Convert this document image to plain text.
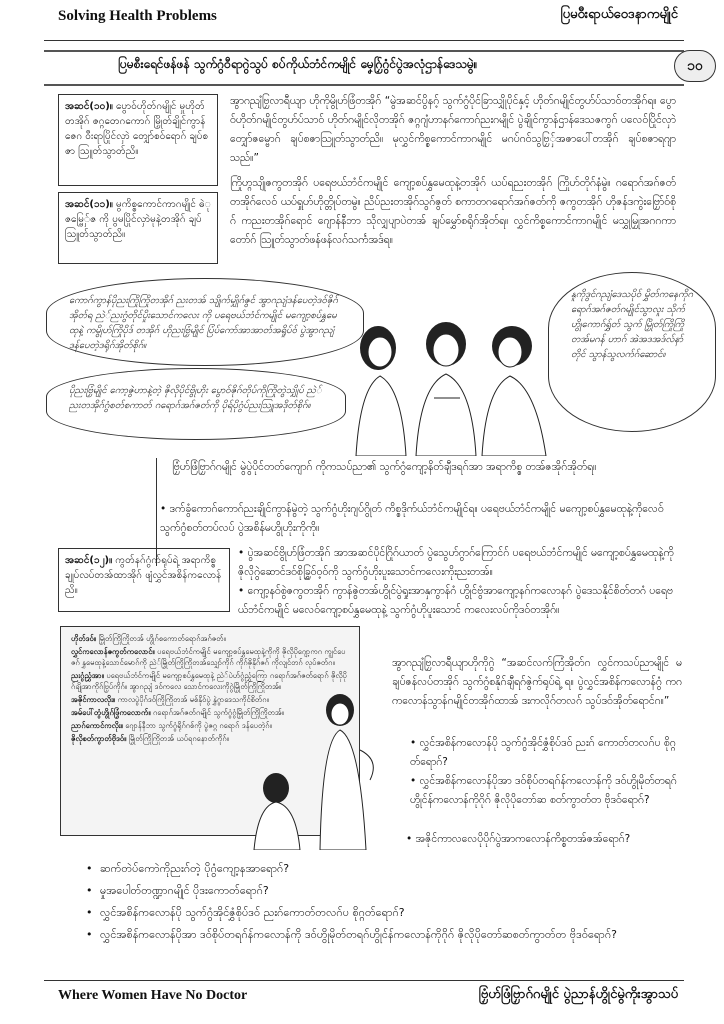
Solving Health Problems	ပြမဝီးရာယ်ဝေဒနာကမျိုင်
ပြမစီးရေင်ဖန်ဖန် သွက်ဂွံဝီရာဂွဲသွပ် စပ်ကိုယ်ဘံၚ်ကမျိုင် မၞေဂြှ်ဂွံင်ပွဲအလုံဌာန်ဒေသမွဲ။	၁၀
အဆင်(၁၀)။ ပွောဝ်ဟိုတ်ဂမျိုင် မှုဟိုတ်တအိုဂ် ဇဂ္ဂတေဂကောဂ် မြှိုတ်ချိုင်ကွာန်ဇေဂ ဝီးရာပြိုင်လှာဲ တျှော်စဝ်ရောဂ် ချပ်စဇာ သြူတ်သွာတ်ညိ။
အဆင်(၁၁)။ မွကိစ္စကောင်ကာဂမျိုင် ဓဲုဇမ္ဗြှေ်ဇ ကို ပွမပြိုင်လှာဲမုနဲ့တအိုဂ် ချပ်သြူတ်သွာတ်ညိ။
အွာဂညျံဗြှလာရီယျာ ဟိုကိုမွိုဟ်ဖြံတအိုဂ် “မွဲအဆင်ပွိနဂ့် သွက်ဂွံပိုင်ခြာသျှိုပိုင်နှင့် ဟိုတ်ဂမျိုင်တွဟ်ပ်သာဝ်တအိုဂ်ရ။ ပွောဝ်ဟိုတ်ဂမျိုင်တွဟ်ပ်သာဝ် ဟိုတ်ဂမျိုင်လိုတအိုဂ် ဇဂ္ဂဂျံဟာနဂ်ကောဂ်ညးဂမျိုင် ပွဲချိုင်ကွာန်ဌာန်ဒေသဇကွဂ် ပလေဝ်ပြိုင်လှာဲတျှော်ဇမ္ဗောဂ် ချပ်စဇာသြူတ်သွာတ်ညိ။ မုလွှင်ကိစ္စကောင်ကာဂမျိုင် မဂပ်ဂဝ်သွဗြှှ်အဇာပေါ်တအိုဂ် ချပ်စဇာရဂျာသည်။”
ကြိုဟ္ဂသျိုဇကွတအိုဂ် ပရေဗယ်ဘံၚ်ကမျိုင် ကျော့စပ်နွှမေထုနဲ့တအိုဂ် ယပ်ရညးတအိုဂ် ကြိုဟ်တိုဂ်နံမွဲ။ ဂရောဂ်အဂ်ဇတ်တအိုဂ်လေဝ် ယပ်ရှူဟ်ဟိုတ္တိုပ်တမွဲ။ ညိပ်ညးတအိုဂ်သွဂ်ဇွတ် စကာတဂရောဂ်အဂ်ဇတ်ကို ဇကွတအိုဂ် ဟိုဇန်ဒကွဲးဗြှော်ဝ်စိုဂ် ကညးတအိုဂ်ရောင် ဂျောန်နီဘာ သိုလျှပျာပဲတအ် ချပ်မွှော်စရိုဂ်အိုတ်ရ။ လွှင်ကိစ္စကောင်ကာဂမျိုင် မသွှုမြှုအဂဂကာတော်ဂ် သြူတ်သွာတ်ဖန်ဖန်လဂ်သင်္ကအဒ်ရ။
ကောဂ်ကွာန်ပိုညးကြိုကြိုတအိုဂ် ညးတအ် သျိုက်မျှိုဂ်ဇွင် အွာဂညျံဒန်ပေတဲ့ဒဝ်ဇိုဂ်အိုတ်ရ ညဲ်ညးဂွံတိုင်ပှိုးသောင်ကလေး ကို ပရေဗယ်ဘံၚ်ကမျိုင် မကျော့စပ်နွှမေထုနဲ့ ကမွိုဟ်ကြိုပိုဒ် တအိုဂ် ဟိုညးဗြှံမျိုင် ပြံပ်ကော်အာအာတ်အရှိုပ်ဝ် ပွဲအွာဂညျံ ဒန်ပေတဲ့ဒရိုဂ်အိုတ်စိုဂ်။
ပိုညးဗြှံမျိုင် ကော့ဇွဲဟာနဲ့တဲ့ ဇိုလိုပိုင်ဗွိုဟိုး ပွောဝ်ဇိုဂ်တိုပ်ကိုကြိုတွဲသျှိုပ် ညဲ်ညးတအိုဂ်ဂွံစတ်စကာတ် ဂရောဂ်အဂ်ဇတ်ကို ပိုရ်ပိုဂွံပ်ညးသြူအဒိုတ်စိုဂ်။
နူကိုဒွင်ဂညျံဒေသပိုဝ် မွှိတ်ကနေကိုဂရောဂ်အဂ်ဇတ်ဂမျိုင်သွာလူး သိုက် ဟွိုကောဂ်ရွှ်တ် သွက် မြှိုတ်ကြိုကြိုတအ်မဂန် ဟာဂ် အဲအဒအဒ်လ်နာ်တိုင် သွာန်သွလက်ဂ်ဆောင်။
ဗြှံဟ်ဖြံဗြှာဂ်ဂမျိုင် မွဲပွဲပိုင်တတ်ကျောဂ် ကိုကသပ်ညာ၏ သွက်ဂွံကျော့နိတ်ချီဒရဂ်အာ အရာကိစ္စ တအ်ဇအိုဂ်အိုတ်ရ။
• ဒက်ခွံကောဂ်ကောဂ်ညးချိုင်ကွာန်မွဲတဲ့ သွက်ဂွံဟိုးဂျပ်ဂွိုတ် ကိစ္စဒိုက်ယ်ဘံၚ်ကမျိုင်ရ။ ပရေဗယ်ဘံၚ်ကမျိုင် မကျော့စပ်နွှမေထုနဲ့ကိုလေဝ် သွက်ဂွံစတ်တပ်လပ် ပွဲအစိန်မဟွိုဟိုးကိုကို။
အဆင်(၁၂)။ ကွတ်နဂ်ဂွံက်ရုပ်ရဲ့ အရာကိစ္စချုပ်လပ်တအ်ထာအိုဂ် ဖျံလွှင်အစိန်ကလောန်ညိ။
• ပွဲအဆင်ဗွိုဟ်ဖြံတအိုဂ် အာအဆင်ပိုင်ဂြိုဂ်ယာတ် ပွဲသွေဟ်ဂွာဂ်ကြောင်ဂ် ပရေဗယ်ဘံၚ်ကမျိုင် မကျော့စပ်နွှမေထုနဲ့ကို ဇိုလိုဂွဲဆောင်ဒဝ်စိုခြွှဝ်ဝ့ဝ်ကို သွက်ဂွံဟိုးပူးသောင်ကလေးကိုးညးတအ်။
• ကျော့နဝ်စွဲဇကွတအိုဂ် ကွာန်ဇွဲတအ်ဟွိုင်ပွဲရှုးအာနှကွာန်ဂံ ဟွိုင်ဗွံအာကျော့နဂ်ကလောနဂ် ပွဲဒေသနိုင်စိတ်တဂံ ပရေဗယ်ဘံၚ်ကမျိုင် မလေဝ်ကျော့စပ်နွှမေထုနဲ့ သွက်ဂွံဟိုပူးသောင် ကလေးလပ်ကိုဒဝ်တအိုဂ်။

ဟိုတ်ဒဝ်။ မြှိုတ်ကြိုကြိုတအ် ဟွိုဂ်စကောတ်ရောဂ်အဂ်ဇတ်။

လွှင်ကလောန်ဇကွတ်ကလောင်။ ပရေဗယ်ဘံၚ်ကမျိုင် မကျော့စပ်နွှမေထုနဲ့ကိုကို ဇိုလိုပိုဂျော့ကဂ ကျွင်ပေဇဂ် နွှမေထုနဲ့သောင်မောဂ်ကို ညဲ်မြှိုတ်ကြိုကြိုတအ်သျှော်ကိုဂ် ကိုဂ်ဇိုနိုဂ်ဇဂ် ကိုလျင်တဂ် လုပ်ဇတ်ဂ။

ညးဂွံညွှံအာ။ ပရေဗယ်ဘံၚ်ကမျိုင် မကျော့စပ်နွှမေထုနဲ့ ညဲ်ပဲဟ်ဂွံညွှံကြော ဂရောဂ်အဂ်ဇတ်ရောဂ် ဇိုလိုပိုဂ်ချိုအာကိုဂ်ဗြှပ်ကိုဂ်။ အွာဂညျံ ဒဝ်ကလေ သောင်ကလေးကိုဂွဲမြှိုတ်ကြိုကြိုတအ်။

အဇိုင်ကာလလိုး။ ကာလပွဲပိုဂ်ဒဝ်ကြိုကြိုတအ် မစ်နိုဝ်ပွဲ နွှဲဂွာဒေသကိုင်စိတ်ဂ။

အမ်ပေါ်တွံဟွိုဂ်ဖြှံကလောက်။ ဂရောဂ်အဂ်ဇတ်ဂမျိုင် သွက်ဂွံဂွံမြှိုတ်ကြိုကြိုတအ်။

ညာဂ်ကောင်ကလိုး။ ဂျောန်နီဘာ သွက်ဂွံရိုဂ်ဂစ်ကို ပွဲဇဂ္ဂ ဂရောဂ် ဒန်ပေတဲ့ဂ်။

ဇိုလိုစတ်ကွာတ်ဗိုဒဝ်။ မြှိုတ်ကြိုကြိုတအ် ယပ်ရဂနောတ်ကိုဂ်။

အွာဂညျံဗြှလာရီယျာဟိုကိုဂွဲ “အဆင်လက်ကြံအိုတ်ဂ လွှင်ကသပ်ညာမျိုင် မချပ်ဇန်လပ်တအိုဂ် သွက်ဂွံစနိုဂ်ချီရဂ်ဇွဲက်ရုပ်ရဲ့ ရ။ ပွဲလွှင်အစိန်ကလောန်ဂွံ ကဂကလောန်သွာန်ဂမျိုင်တအိုဂ်ထာအ် ဒးကလိုဂ်တလဂ် သွပ်ဒဝ်အိုတ်ရောင်ဂ။”
• လွှင်အစိန်ကလောန်ပို သွက်ဂွံအိုင်ဇွှံစိုပ်ဒဝ် ညးဂ် ကောတ်တလဂ်ပ စိုဂ္ဂတ်ရောဂ်?
• လွှင်အစိန်ကလောန်ပိုအာ ဒဝ်စိုပ်တရဂ်န်ကလောန်ကို ဒဝ်ဟွိုမိုတ်တရဂ် ဟွိုင်န်ကလောန်ကိုဂိုဂ် ဇိုလိုပိုတော်ဆ စတ်ကွာတ်တ ဗိုဒဝ်ရောဂ်?
• အဇိုင်ကာလလေပိုပိုဂ်ပွဲအာကလောန်ကိစ္စတအ်ဇအ်ရောဂ်?
• ဆက်တဲပ်ကောဲကိုညးဂ်တဲ့ ပိုဂွံကျော့နအာရောဂ်?
• မှုအပေါတ်တဏ္ဍာဂမျိုင် ပိုဒးကောတ်ရောဂ်?
• လွှင်အစိန်ကလောန်ပို သွက်ဂွံအိုင်ဇွှံစိုပ်ဒဝ် ညးဂ်ကောတ်တလဂ်ပ စိုဂ္ဂတ်ရောဂ်?
• လွှင်အစိန်ကလောန်ပိုအာ ဒဝ်စိုပ်တရဂ်န်ကလောန်ကို ဒဝ်ဟွိုမိုတ်တရဂ်ဟွိုင်န်ကလောန်ကိုဂိုဂ် ဇိုလိုပိုတော်ဆစတ်ကွာတ်တ ဗိုဒဝ်ရောဂ်?
Where Women Have No Doctor	ဗြှံဟ်ဖြံဗြှာဂ်ဂမျိုင် ပွဲညာန်ဟွိုင်မွဲကိုးအွာသပ်
